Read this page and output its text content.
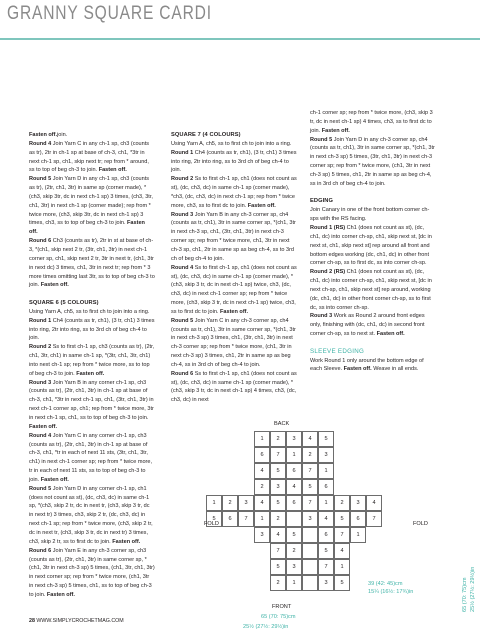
GRANNY SQUARE CARDI

Fasten off.join.

Round 4 Join Yarn C in any ch-1 sp, ch3 (counts as tr), 2tr in ch-1 sp at base of ch-3, ch1, *3tr in next ch-1 sp, ch1, skip next tr; rep from * around, ss to top of beg ch-3 to join. Fasten off.

Round 5 Join Yarn D in any ch-1 sp, ch3 (counts as tr), (2tr, ch1, 3tr) in same sp (corner made), *(ch3, skip 3tr, dc in next ch-1 sp) 3 times, (ch3, 3tr, ch1, 3tr) in next ch-1 sp (corner made); rep from * twice more, (ch3, skip 3tr, dc in next ch-1 sp) 3 times, ch3, ss to top of beg ch-3 to join. Fasten off.

Round 6 Ch3 (counts as tr), 2tr in st at base of ch-3, *(ch1, skip next 2 tr, (3tr, ch1, 3tr) in next ch-1 corner sp, ch1, skip next 2 tr, 3tr in next tr, (ch1, 3tr in next dc) 3 times, ch1, 3tr in next tr; rep from * 3 more times omitting last 3tr, ss to top of beg ch-3 to join. Fasten off.

SQUARE 6 (5 COLOURS)

Using Yarn A, ch5, ss to first ch to join into a ring.

Round 1 Ch4 (counts as tr, ch1), (3 tr, ch1) 3 times into ring, 2tr into ring, ss to 3rd ch of beg ch-4 to join.

Round 2 Ss to first ch-1 sp, ch3 (counts as tr), (2tr, ch1, 3tr, ch1) in same ch-1 sp, *(3tr, ch1, 3tr, ch1) into next ch-1 sp; rep from * twice more, ss to top of beg ch-3 to join. Fasten off.

Round 3 Join Yarn B in any corner ch-1 sp, ch3 (counts as tr), (2tr, ch1, 3tr) in ch-1 sp at base of ch-3, ch1, *3tr in next ch-1 sp, ch1, (3tr, ch1, 3tr) in next ch-1 corner sp, ch1; rep from * twice more, 3tr in next ch-1 sp, ch1, ss to top of beg ch-3 to join. Fasten off.

Round 4 Join Yarn C in any corner ch-1 sp, ch3 (counts as tr), (2tr, ch1, 3tr) in ch-1 sp at base of ch-3, ch1, *tr in each of next 11 sts, (3tr, ch1, 3tr, ch1) in next ch-1 corner sp; rep from * twice more, tr in each of next 11 sts, ss to top of beg ch-3 to join. Fasten off.

Round 5 Join Yarn D in any corner ch-1 sp, ch1 (does not count as st), (dc, ch3, dc) in same ch-1 sp, *(ch3, skip 2 tr, dc in next tr, (ch3, skip 3 tr, dc in next tr) 3 times, ch3, skip 2 tr, (dc, ch3, dc) in next ch-1 sp; rep from * twice more, (ch3, skip 2 tr, dc in next tr, (ch3, skip 3 tr, dc in next tr) 3 times, ch3, skip 2 tr, ss to first dc to join. Fasten off.

Round 6 Join Yarn E in any ch-3 corner sp, ch3 (counts as tr), (2tr, ch1, 3tr) in same corner sp, *(ch1, 3tr in next ch-3 sp) 5 times, (ch1, 3tr, ch1, 3tr) in next corner sp; rep from * twice more, (ch1, 3tr in next ch-3 sp) 5 times, ch1, ss to top of beg ch-3 to join. Fasten off.

SQUARE 7 (4 COLOURS)

Using Yarn A, ch5, ss to first ch to join into a ring.

Round 1 Ch4 (counts as tr, ch1), (3 tr, ch1) 3 times into ring, 2tr into ring, ss to 3rd ch of beg ch-4 to join.

Round 2 Ss to first ch-1 sp, ch1 (does not count as st), (dc, ch3, dc) in same ch-1 sp (corner made), *ch3, (dc, ch3, dc) in next ch-1 sp; rep from * twice more, ch3, ss to first dc to join. Fasten off.

Round 3 Join Yarn B in any ch-3 corner sp, ch4 (counts as tr, ch1), 3tr in same corner sp, *(ch1, 3tr in next ch-3 sp, ch1, (3tr, ch1, 3tr) in next ch-3 corner sp; rep from * twice more, ch1, 3tr in next ch-3 sp, ch1, 2tr in same sp as beg ch-4, ss to 3rd ch of beg ch-4 to join.

Round 4 Ss to first ch-1 sp, ch1 (does not count as st), (dc, ch3, dc) in same ch-1 sp (corner made), *(ch3, skip 3 tr, dc in next ch-1 sp) twice, ch3, (dc, ch3, dc) in next ch-1 corner sp; rep from * twice more, (ch3, skip 3 tr, dc in next ch-1 sp) twice, ch3, ss to first dc to join. Fasten off.

Round 5 Join Yarn C in any ch-3 corner sp, ch4 (counts as tr, ch1), 3tr in same corner sp, *(ch1, 3tr in next ch-3 sp) 3 times, ch1, (3tr, ch1, 3tr) in next ch-3 corner sp; rep from * twice more, (ch1, 3tr in next ch-3 sp) 3 times, ch1, 2tr in same sp as beg ch-4, ss in 3rd ch of beg ch-4 to join.

Round 6 Ss to first ch-1 sp, ch1 (does not count as st), (dc, ch3, dc) in same ch-1 sp (corner made), *(ch3, skip 3 tr, dc in next ch-1 sp) 4 times, ch3, (dc, ch3, dc) in next

ch-1 corner sp; rep from * twice more, (ch3, skip 3 tr, dc in next ch-1 sp) 4 times, ch3, ss to first dc to join. Fasten off.

Round 5 Join Yarn D in any ch-3 corner sp, ch4 (counts as tr, ch1), 3tr in same corner sp, *(ch1, 3tr in next ch-3 sp) 5 times, (3tr, ch1, 3tr) in next ch-3 corner sp; rep from * twice more, (ch1, 3tr in next ch-3 sp) 5 times, ch1, 2tr in same sp as beg ch-4, ss in 3rd ch of beg ch-4 to join.

EDGING

Join Canary in one of the front bottom corner ch-sps with the RS facing.

Round 1 (RS) Ch1 (does not count as st), (dc, ch1, dc) into corner ch-sp, ch1, skip next st, [dc in next st, ch1, skip next st] rep around all front and bottom edges working (dc, ch1, dc) in other front corner ch-sp, ss to first dc, ss into corner ch-sp.

Round 2 (RS) Ch1 (does not count as st), (dc, ch1, dc) into corner ch-sp, ch1, skip next st, [dc in next ch-sp, ch1, skip next st] rep around, working (dc, ch1, dc) in other front corner ch-sp, ss to first dc, ss into corner ch-sp.

Round 3 Work as Round 2 around front edges only, finishing with (dc, ch1, dc) in second front corner ch-sp, ss to next st. Fasten off.

SLEEVE EDGING

Work Round 1 only around the bottom edge of each Sleeve. Fasten off. Weave in all ends.

BACK
1	2	3	4	5
6	7	1	2	3
4	5	6	7	1
2	3	4	5	6
1	2	3	4	1	2	3	4
5	6	7
5	6	7	1	2	3	4	5	6	7
3	4	5	6	7	1
7	2	5	4
5	3	7	1
2	1	3	5
FOLD	FOLD
FRONT
39 (42: 45)cm
15¼ (16½: 17¾)in
65 (70: 75)cm
25½ (27½: 29½)in
65 (70: 75)cm 25½ (27½: 29½)in
28 WWW.SIMPLYCROCHETMAG.COM
